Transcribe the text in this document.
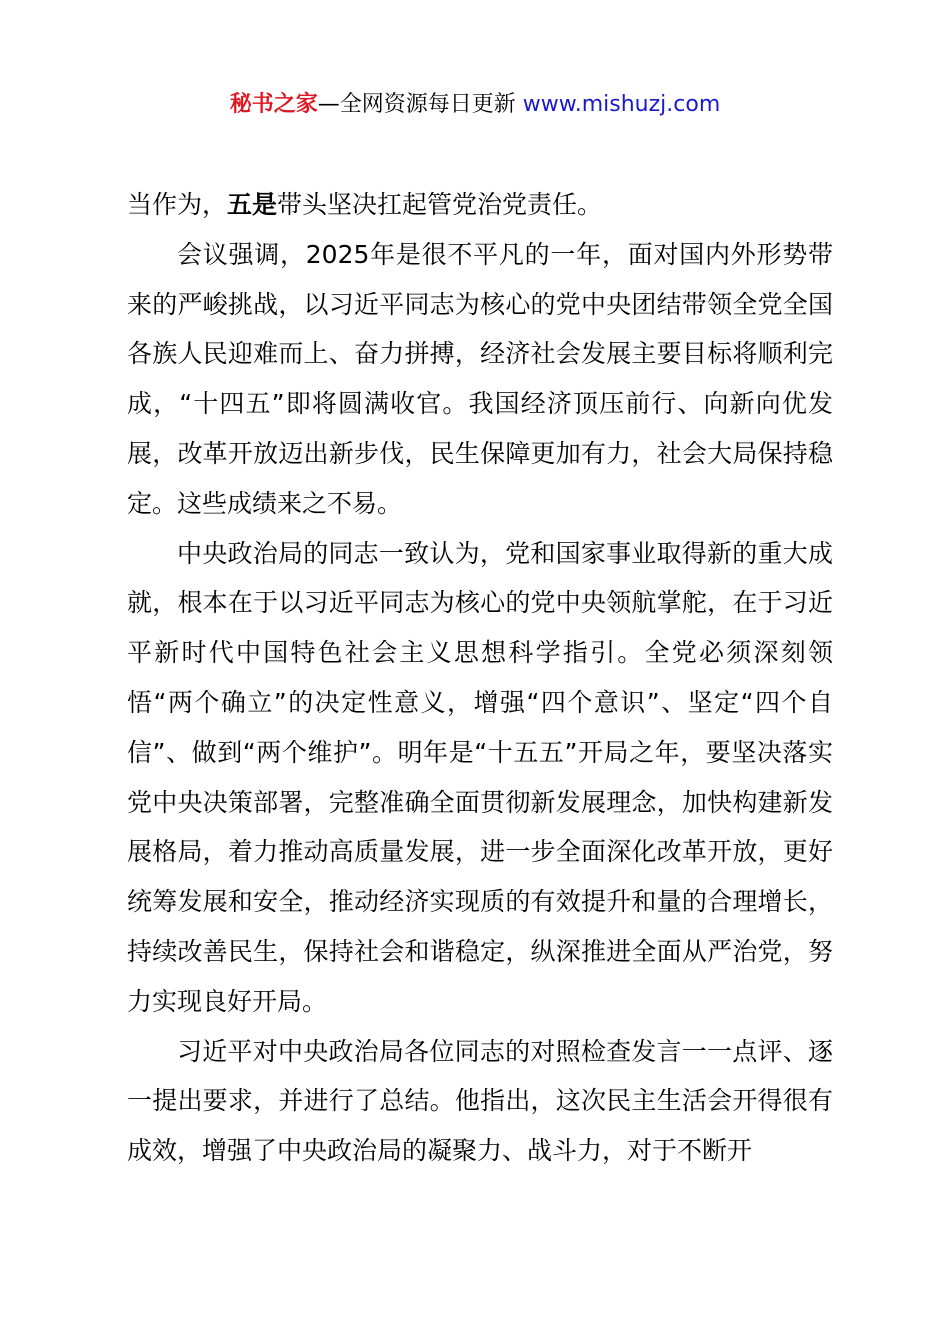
秘书之家—全网资源每日更新 www.mishuzj.com

当作为，五是带头坚决扛起管党治党责任。

会议强调，2025年是很不平凡的一年，面对国内外形势带来的严峻挑战，以习近平同志为核心的党中央团结带领全党全国各族人民迎难而上、奋力拼搏，经济社会发展主要目标将顺利完成，“十四五”即将圆满收官。我国经济顶压前行、向新向优发展，改革开放迈出新步伐，民生保障更加有力，社会大局保持稳定。这些成绩来之不易。

中央政治局的同志一致认为，党和国家事业取得新的重大成就，根本在于以习近平同志为核心的党中央领航掌舵，在于习近平新时代中国特色社会主义思想科学指引。全党必须深刻领悟“两个确立”的决定性意义，增强“四个意识”、坚定“四个自信”、做到“两个维护”。明年是“十五五”开局之年，要坚决落实党中央决策部署，完整准确全面贯彻新发展理念，加快构建新发展格局，着力推动高质量发展，进一步全面深化改革开放，更好统筹发展和安全，推动经济实现质的有效提升和量的合理增长，持续改善民生，保持社会和谐稳定，纵深推进全面从严治党，努力实现良好开局。

习近平对中央政治局各位同志的对照检查发言一一点评、逐一提出要求，并进行了总结。他指出，这次民主生活会开得很有成效，增强了中央政治局的凝聚力、战斗力，对于不断开
